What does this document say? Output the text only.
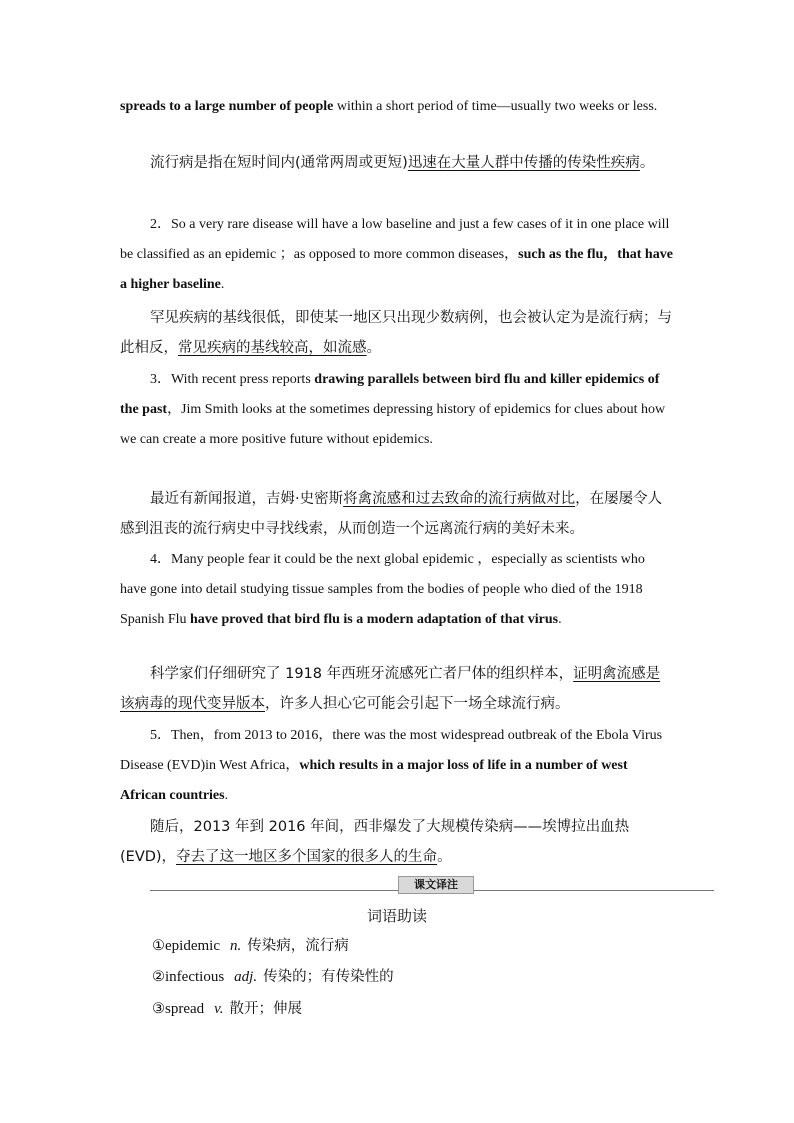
spreads to a large number of people within a short period of time—usually two weeks or less.

流行病是指在短时间内(通常两周或更短)迅速在大量人群中传播的传染性疾病。

2．So a very rare disease will have a low baseline and just a few cases of it in one place will be classified as an epidemic ；as opposed to more common diseases，such as the flu，that have a higher baseline.

罕见疾病的基线很低，即使某一地区只出现少数病例，也会被认定为是流行病；与此相反，常见疾病的基线较高，如流感。

3．With recent press reports drawing parallels between bird flu and killer epidemics of the past，Jim Smith looks at the sometimes depressing history of epidemics for clues about how we can create a more positive future without epidemics.

最近有新闻报道，吉姆·史密斯将禽流感和过去致命的流行病做对比，在屡屡令人感到沮丧的流行病史中寻找线索，从而创造一个远离流行病的美好未来。

4．Many people fear it could be the next global epidemic ，especially as scientists who have gone into detail studying tissue samples from the bodies of people who died of the 1918 Spanish Flu have proved that bird flu is a modern adaptation of that virus.

科学家们仔细研究了 1918 年西班牙流感死亡者尸体的组织样本，证明禽流感是该病毒的现代变异版本，许多人担心它可能会引起下一场全球流行病。

5．Then，from 2013 to 2016，there was the most widespread outbreak of the Ebola Virus Disease (EVD)in West Africa，which results in a major loss of life in a number of west African countries.

随后，2013 年到 2016 年间，西非爆发了大规模传染病——埃博拉出血热(EVD)，夺去了这一地区多个国家的很多人的生命。

课文译注

词语助读

①epidemic n. 传染病，流行病

②infectious adj. 传染的；有传染性的

③spread v. 散开；伸展
